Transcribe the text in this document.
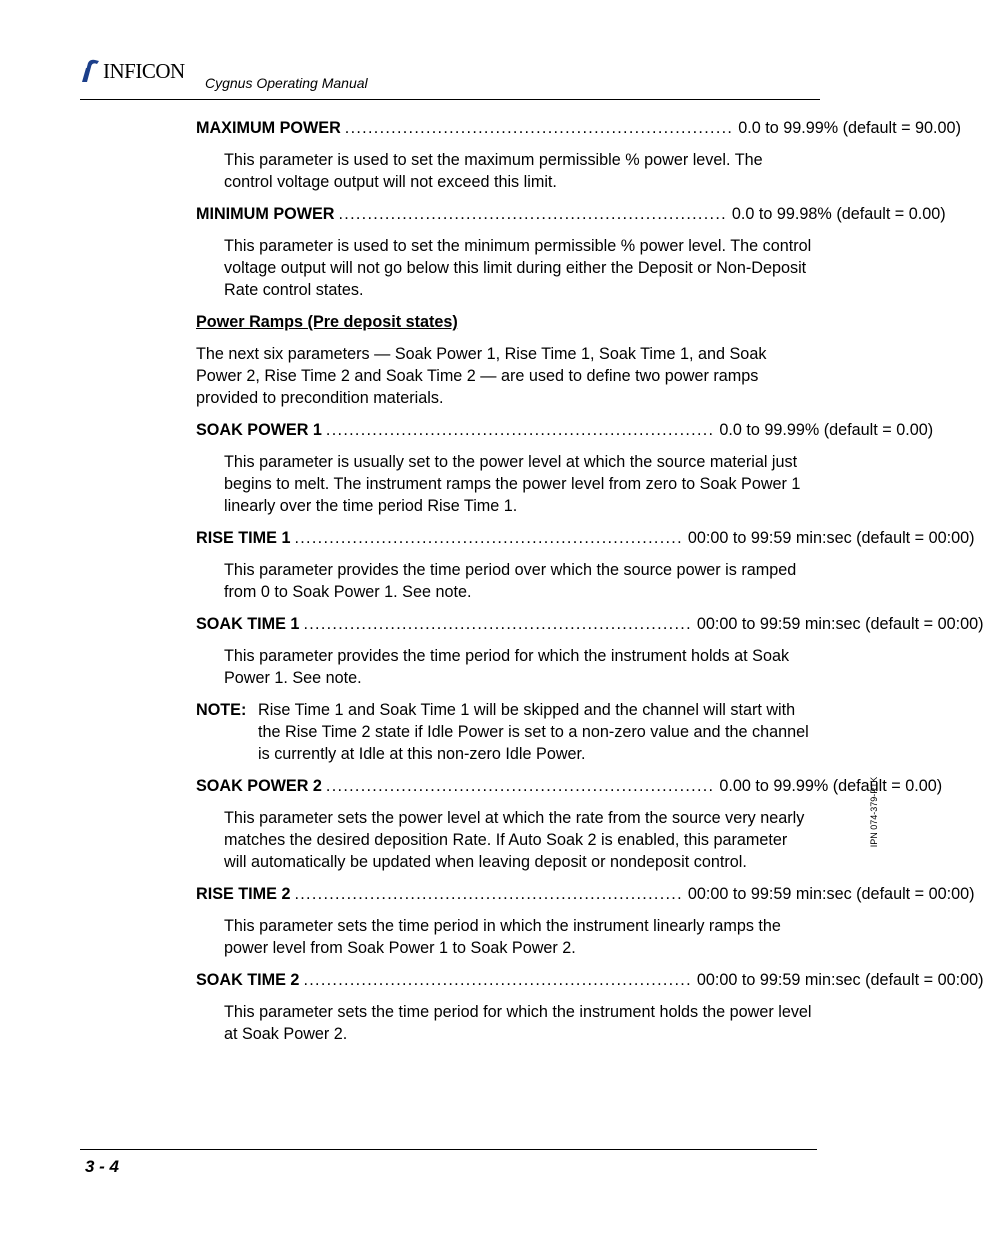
INFICON
Cygnus Operating Manual
MAXIMUM POWER ................................................................... 0.0 to 99.99% (default = 90.00)
This parameter is used to set the maximum permissible % power level. The control voltage output will not exceed this limit.
MINIMUM POWER ................................................................... 0.0 to 99.98% (default = 0.00)
This parameter is used to set the minimum permissible % power level. The control voltage output will not go below this limit during either the Deposit or Non-Deposit Rate control states.
Power Ramps (Pre deposit states)
The next six parameters — Soak Power 1, Rise Time 1, Soak Time 1, and Soak Power 2, Rise Time 2 and Soak Time 2 — are used to define two power ramps provided to precondition materials.
SOAK POWER 1 ................................................................... 0.0 to 99.99% (default = 0.00)
This parameter is usually set to the power level at which the source material just begins to melt. The instrument ramps the power level from zero to Soak Power 1 linearly over the time period Rise Time 1.
RISE TIME 1 ................................................................... 00:00 to 99:59 min:sec (default = 00:00)
This parameter provides the time period over which the source power is ramped from 0 to Soak Power 1. See note.
SOAK TIME 1 ................................................................... 00:00 to 99:59 min:sec (default = 00:00)
This parameter provides the time period for which the instrument holds at Soak Power 1. See note.
NOTE: Rise Time 1 and Soak Time 1 will be skipped and the channel will start with the Rise Time 2 state if Idle Power is set to a non-zero value and the channel is currently at Idle at this non-zero Idle Power.
SOAK POWER 2 ................................................................... 0.00 to 99.99% (default = 0.00)
This parameter sets the power level at which the rate from the source very nearly matches the desired deposition Rate. If Auto Soak 2 is enabled, this parameter will automatically be updated when leaving deposit or nondeposit control.
RISE TIME 2 ................................................................... 00:00 to 99:59 min:sec (default = 00:00)
This parameter sets the time period in which the instrument linearly ramps the power level from Soak Power 1 to Soak Power 2.
SOAK TIME 2 ................................................................... 00:00 to 99:59 min:sec (default = 00:00)
This parameter sets the time period for which the instrument holds the power level at Soak Power 2.
IPN 074-379-P1K
3 - 4
